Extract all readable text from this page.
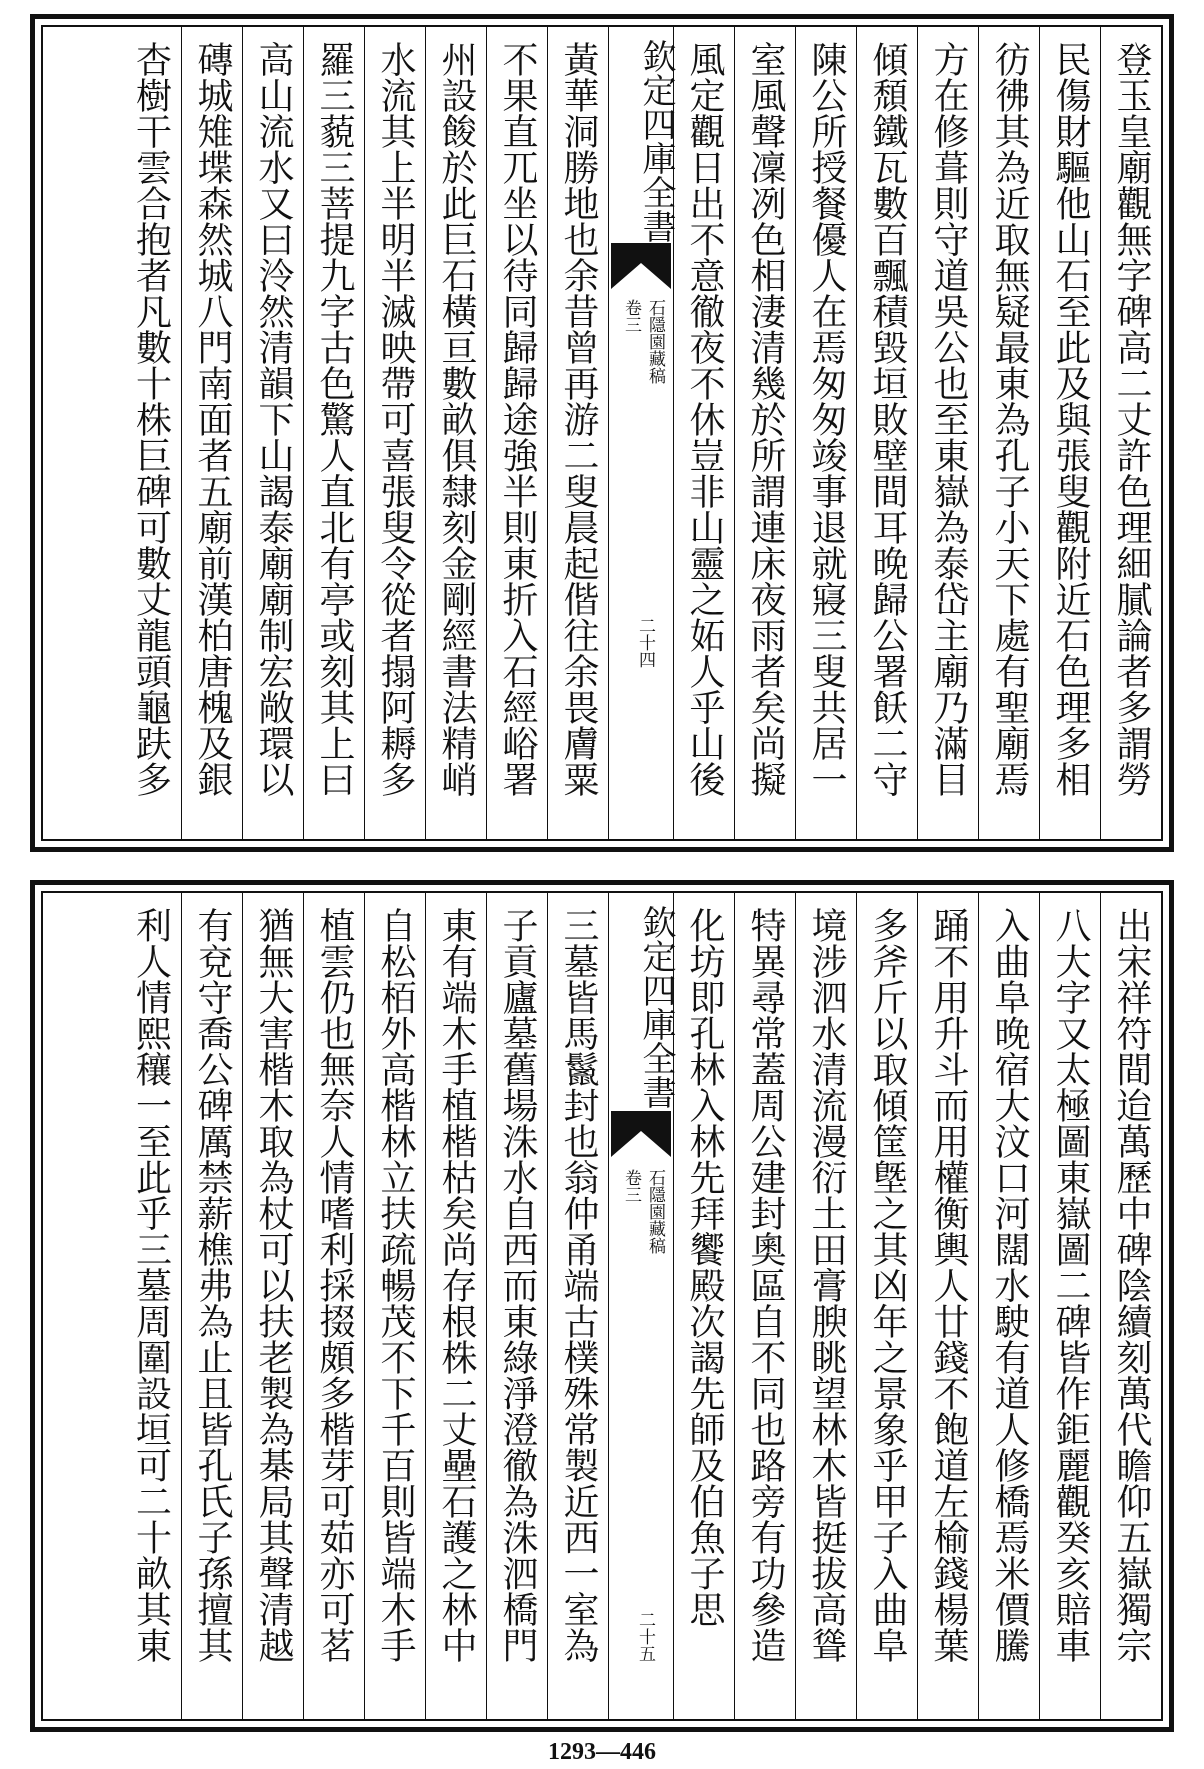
登玉皇廟觀無字碑高二丈許色理細膩論者多謂勞
民傷財驅他山石至此及與張叟觀附近石色理多相
彷彿其為近取無疑最東為孔子小天下處有聖廟焉
方在修葺則守道吳公也至東嶽為泰岱主廟乃滿目
傾頹鐵瓦數百飄積毀垣敗壁間耳晚歸公署飫二守
陳公所授餐優人在焉匆匆竣事退就寢三叟共居一
室風聲凜冽色相淒清幾於所謂連床夜雨者矣尚擬
風定觀日出不意徹夜不休豈非山靈之妬人乎山後
欽定四庫全書
石隱園藏稿
卷三
二十四
黃華洞勝地也余昔曾再游二叟晨起偕往余畏膚粟
不果直兀坐以待同歸歸途強半則東折入石經峪署
州設餕於此巨石橫亘數畝俱隸刻金剛經書法精峭
水流其上半明半滅映帶可喜張叟令從者搨阿耨多
羅三藐三菩提九字古色驚人直北有亭或刻其上曰
高山流水又曰泠然清韻下山謁泰廟廟制宏敞環以
磚城雉堞森然城八門南面者五廟前漢柏唐槐及銀
杏樹干雲合抱者凡數十株巨碑可數丈龍頭龜趺多
出宋祥符間迨萬歷中碑陰續刻萬代瞻仰五嶽獨宗
八大字又太極圖東嶽圖二碑皆作鉅麗觀癸亥賠車
入曲阜晚宿大汶口河闊水駛有道人修橋焉米價騰
踊不用升斗而用權衡輿人廿錢不飽道左榆錢楊葉
多斧斤以取傾筐墍之其凶年之景象乎甲子入曲阜
境涉泗水清流漫衍土田膏腴眺望林木皆挺拔高聳
特異尋常蓋周公建封奧區自不同也路旁有功參造
化坊即孔林入林先拜饗殿次謁先師及伯魚子思
欽定四庫全書
石隱園藏稿
卷三
二十五
三墓皆馬鬣封也翁仲甬端古樸殊常製近西一室為
子貢廬墓舊場洙水自西而東綠淨澄徹為洙泗橋門
東有端木手植楷枯矣尚存根株二丈壘石護之林中
自松栢外高楷林立扶疏暢茂不下千百則皆端木手
植雲仍也無奈人情嗜利採掇頗多楷芽可茹亦可茗
猶無大害楷木取為杖可以扶老製為棊局其聲清越
有兗守喬公碑厲禁薪樵弗為止且皆孔氏子孫擅其
利人情熙穰一至此乎三墓周圍設垣可二十畝其東
1293—446
